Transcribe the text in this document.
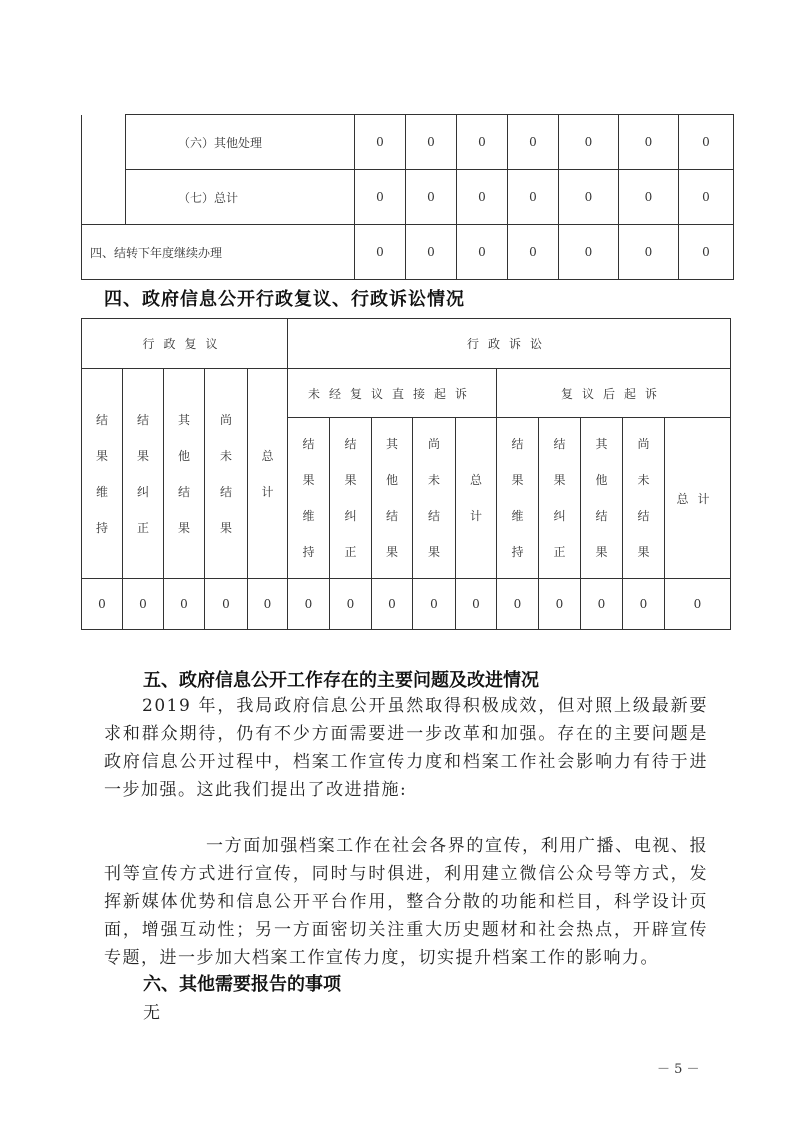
	（六）其他处理	0	0	0	0	0	0	0
	（七）总计	0	0	0	0	0	0	0
四、结转下年度继续办理		0	0	0	0	0	0	0
四、政府信息公开行政复议、行政诉讼情况
行政复议					行政诉讼									
结果维持	结果纠正	其他结果	尚未结果	总计	未经复议直接起诉					复议后起诉				
					结果维持	结果纠正	其他结果	尚未结果	总计	结果维持	结果纠正	其他结果	尚未结果	总计
0	0	0	0	0	0	0	0	0	0	0	0	0	0	0
五、政府信息公开工作存在的主要问题及改进情况

2019 年，我局政府信息公开虽然取得积极成效，但对照上级最新要求和群众期待，仍有不少方面需要进一步改革和加强。存在的主要问题是政府信息公开过程中，档案工作宣传力度和档案工作社会影响力有待于进一步加强。这此我们提出了改进措施:

一方面加强档案工作在社会各界的宣传，利用广播、电视、报刊等宣传方式进行宣传，同时与时俱进，利用建立微信公众号等方式，发挥新媒体优势和信息公开平台作用，整合分散的功能和栏目，科学设计页面，增强互动性；另一方面密切关注重大历史题材和社会热点，开辟宣传专题，进一步加大档案工作宣传力度，切实提升档案工作的影响力。

六、其他需要报告的事项
无
－ 5 －
